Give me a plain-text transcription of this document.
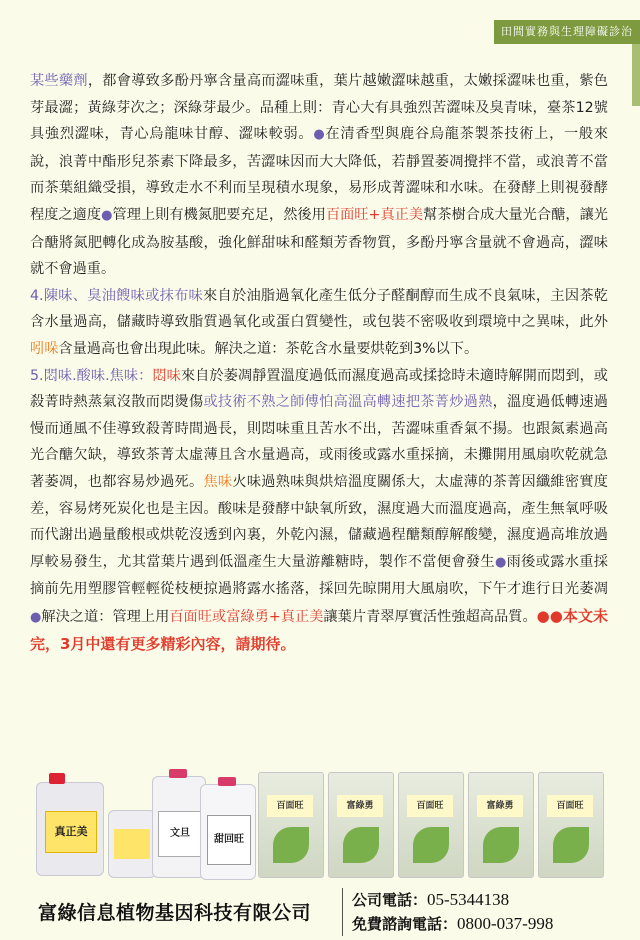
田間實務與生理障礙診治

某些藥劑，都會導致多酚丹寧含量高而澀味重，葉片越嫩澀味越重，太嫩採澀味也重，紫色芽最澀；黃綠芽次之；深綠芽最少。品種上則：青心大有具強烈苦澀味及臭青味，臺茶12號具強烈澀味，青心烏龍味甘醇、澀味較弱。●在清香型與鹿谷烏龍茶製茶技術上，一般來說，浪菁中酯形兒茶素下降最多，苦澀味因而大大降低，若靜置萎凋攪拌不當，或浪菁不當而茶葉組織受損，導致走水不利而呈現積水現象，易形成菁澀味和水味。在發酵上則視發酵程度之適度●管理上則有機氮肥要充足，然後用百面旺+真正美幫茶樹合成大量光合醣，讓光合醣將氮肥轉化成為胺基酸，強化鮮甜味和醛類芳香物質，多酚丹寧含量就不會過高，澀味就不會過重。

4.陳味、臭油餿味或抹布味來自於油脂過氧化產生低分子醛酮醇而生成不良氣味，主因茶乾含水量過高，儲藏時導致脂質過氧化或蛋白質變性，或包裝不密吸收到環境中之異味，此外吲哚含量過高也會出現此味。解決之道：茶乾含水量要烘乾到3%以下。

5.悶味.酸味.焦味：悶味來自於萎凋靜置溫度過低而濕度過高或揉捻時未適時解開而悶到，或殺菁時熱蒸氣沒散而悶燙傷或技術不熟之師傅怕高溫高轉速把茶菁炒過熟，溫度過低轉速過慢而通風不佳導致殺菁時間過長，則悶味重且苦水不出，苦澀味重香氣不揚。也跟氮素過高光合醣欠缺，導致茶菁太虛薄且含水量過高，或雨後或露水重採摘，未攤開用風扇吹乾就急著萎凋，也都容易炒過死。焦味火味過熟味與烘焙溫度關係大，太虛薄的茶菁因纖維密實度差，容易烤死炭化也是主因。酸味是發酵中缺氧所致，濕度過大而溫度過高，產生無氧呼吸而代謝出過量酸根或烘乾沒透到內裏，外乾內濕，儲藏過程醣類醇解酸變，濕度過高堆放過厚較易發生，尤其當葉片遇到低溫產生大量游離糖時，製作不當便會發生●雨後或露水重採摘前先用塑膠管輕輕從枝梗掠過將露水搖落，採回先晾開用大風扇吹，下午才進行日光萎凋●解決之道：管理上用百面旺或富綠勇+真正美讓葉片青翠厚實活性強超高品質。●●本文未完，3月中還有更多精彩內容，請期待。

真正美	文旦
甜回旺
百面旺	富綠勇	百面旺	富綠勇	百面旺
富綠信息植物基因科技有限公司
公司電話：05-5344138
免費諮詢電話：0800-037-998
